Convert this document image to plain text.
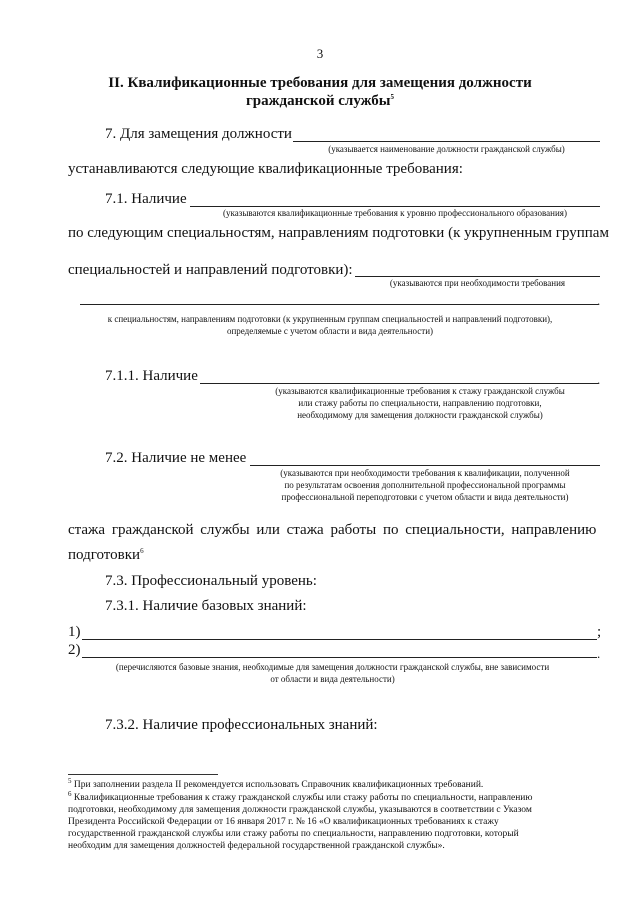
3
II. Квалификационные требования для замещения должности
гражданской службы$^5$
7. Для замещения должности
(указывается наименование должности гражданской службы)
устанавливаются следующие квалификационные требования:
7.1. Наличие
(указываются квалификационные требования к уровню профессионального образования)
по следующим специальностям, направлениям подготовки (к укрупненным группам
специальностей и направлений подготовки):
(указываются при необходимости требования
.
к специальностям, направлениям подготовки (к укрупненным группам специальностей и направлений подготовки),
определяемые с учетом области и вида деятельности)
7.1.1. Наличие	.
(указываются квалификационные требования к стажу гражданской службы
или стажу работы по специальности, направлению подготовки,
необходимому для замещения должности гражданской службы)
7.2. Наличие не менее
(указываются при необходимости требования к квалификации, полученной
по результатам освоения дополнительной профессиональной программы
профессиональной переподготовки с учетом области и вида деятельности)
стажа гражданской службы или стажа работы по специальности, направлению
подготовки$^6$
7.3. Профессиональный уровень:
7.3.1. Наличие базовых знаний:
1)	;
2)	.
(перечисляются базовые знания, необходимые для замещения должности гражданской службы, вне зависимости
от области и вида деятельности)
7.3.2. Наличие профессиональных знаний:
$^5$ При заполнении раздела II рекомендуется использовать Справочник квалификационных требований.
$^6$ Квалификационные требования к стажу гражданской службы или стажу работы по специальности, направлению
подготовки, необходимому для замещения должности гражданской службы, указываются в соответствии с Указом
Президента Российской Федерации от 16 января 2017 г. № 16 «О квалификационных требованиях к стажу
государственной гражданской службы или стажу работы по специальности, направлению подготовки, который
необходим для замещения должностей федеральной государственной гражданской службы».
